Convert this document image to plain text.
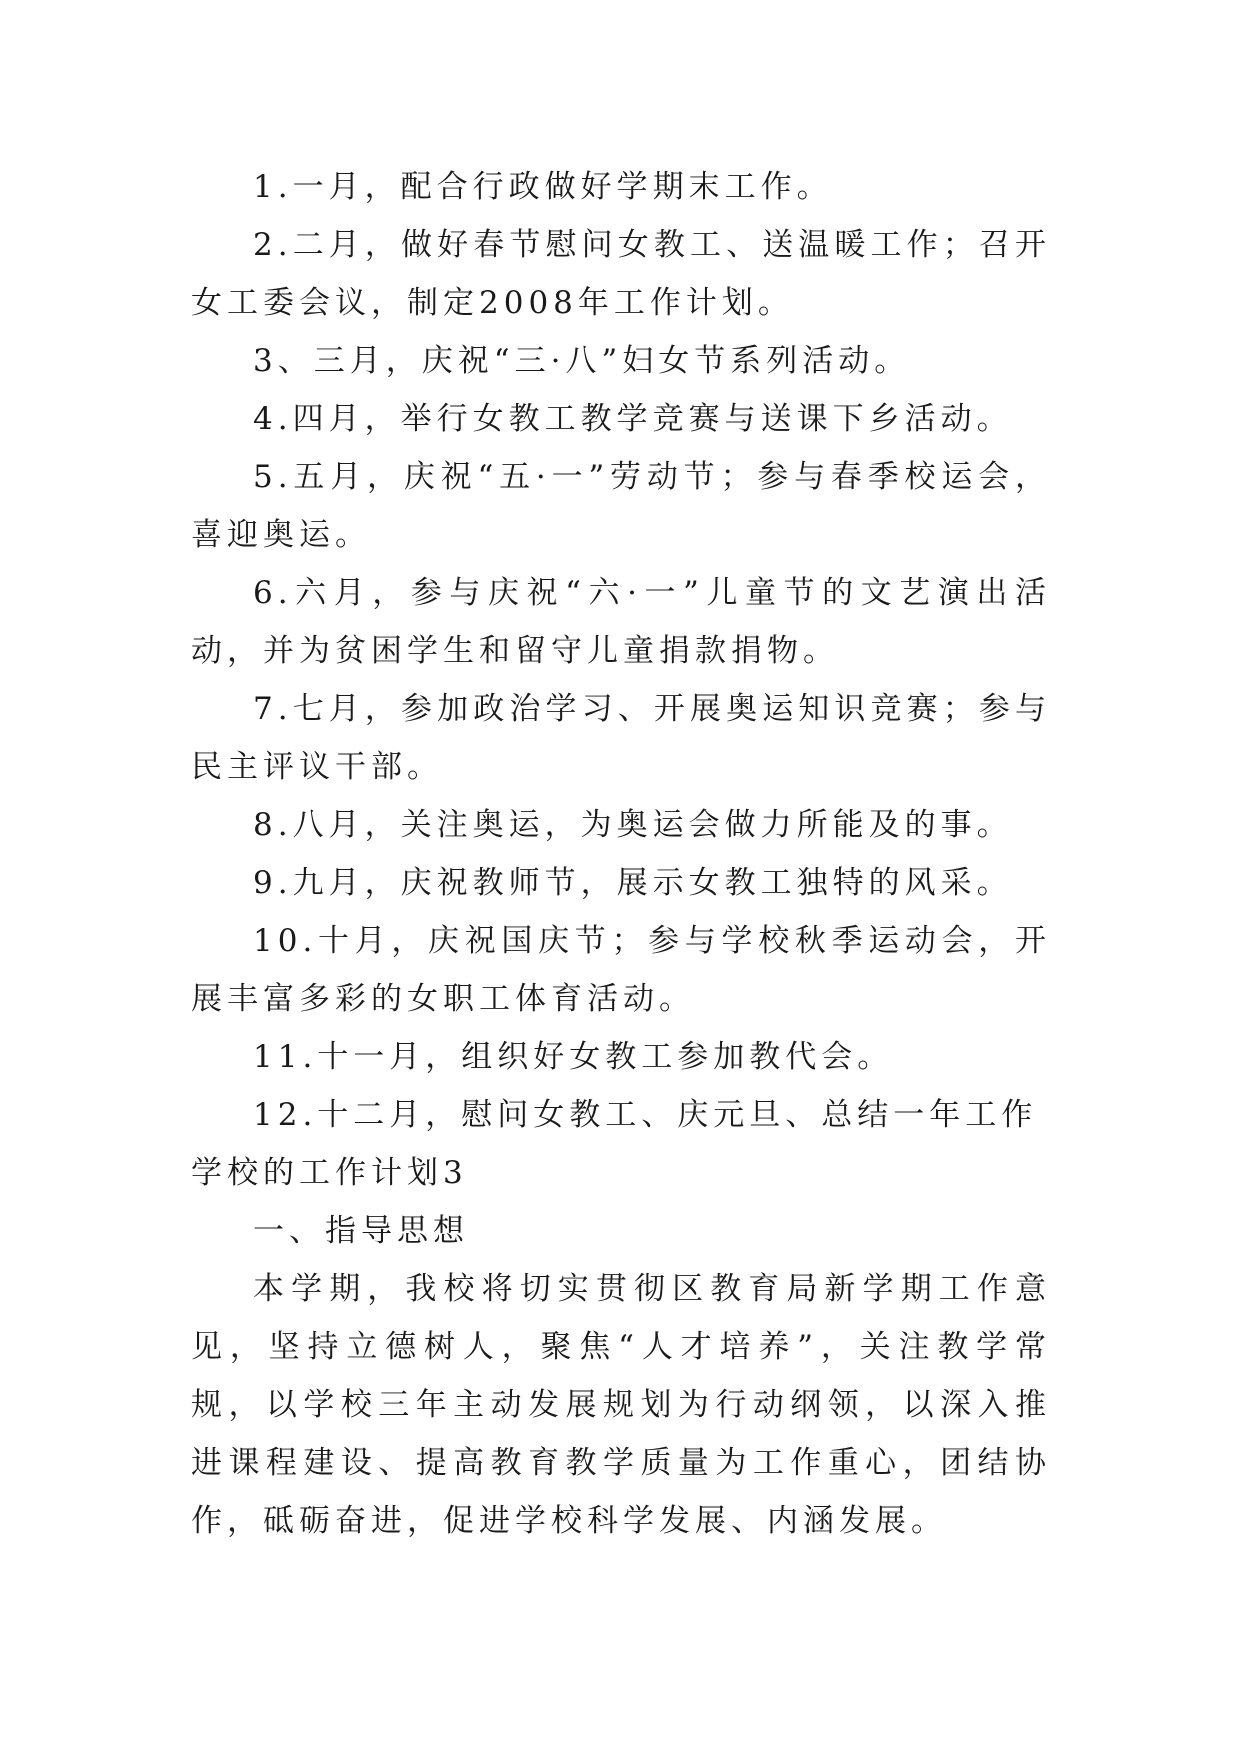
1.一月，配合行政做好学期末工作。

2.二月，做好春节慰问女教工、送温暖工作；召开女工委会议，制定2008年工作计划。

3、三月，庆祝“三·八”妇女节系列活动。

4.四月，举行女教工教学竞赛与送课下乡活动。

5.五月，庆祝“五·一”劳动节；参与春季校运会，喜迎奥运。

6.六月，参与庆祝“六·一”儿童节的文艺演出活动，并为贫困学生和留守儿童捐款捐物。

7.七月，参加政治学习、开展奥运知识竞赛；参与民主评议干部。

8.八月，关注奥运，为奥运会做力所能及的事。

9.九月，庆祝教师节，展示女教工独特的风采。

10.十月，庆祝国庆节；参与学校秋季运动会，开展丰富多彩的女职工体育活动。

11.十一月，组织好女教工参加教代会。

12.十二月，慰问女教工、庆元旦、总结一年工作

学校的工作计划3

一、指导思想

本学期，我校将切实贯彻区教育局新学期工作意见，坚持立德树人，聚焦“人才培养”，关注教学常规，以学校三年主动发展规划为行动纲领，以深入推进课程建设、提高教育教学质量为工作重心，团结协作，砥砺奋进，促进学校科学发展、内涵发展。
